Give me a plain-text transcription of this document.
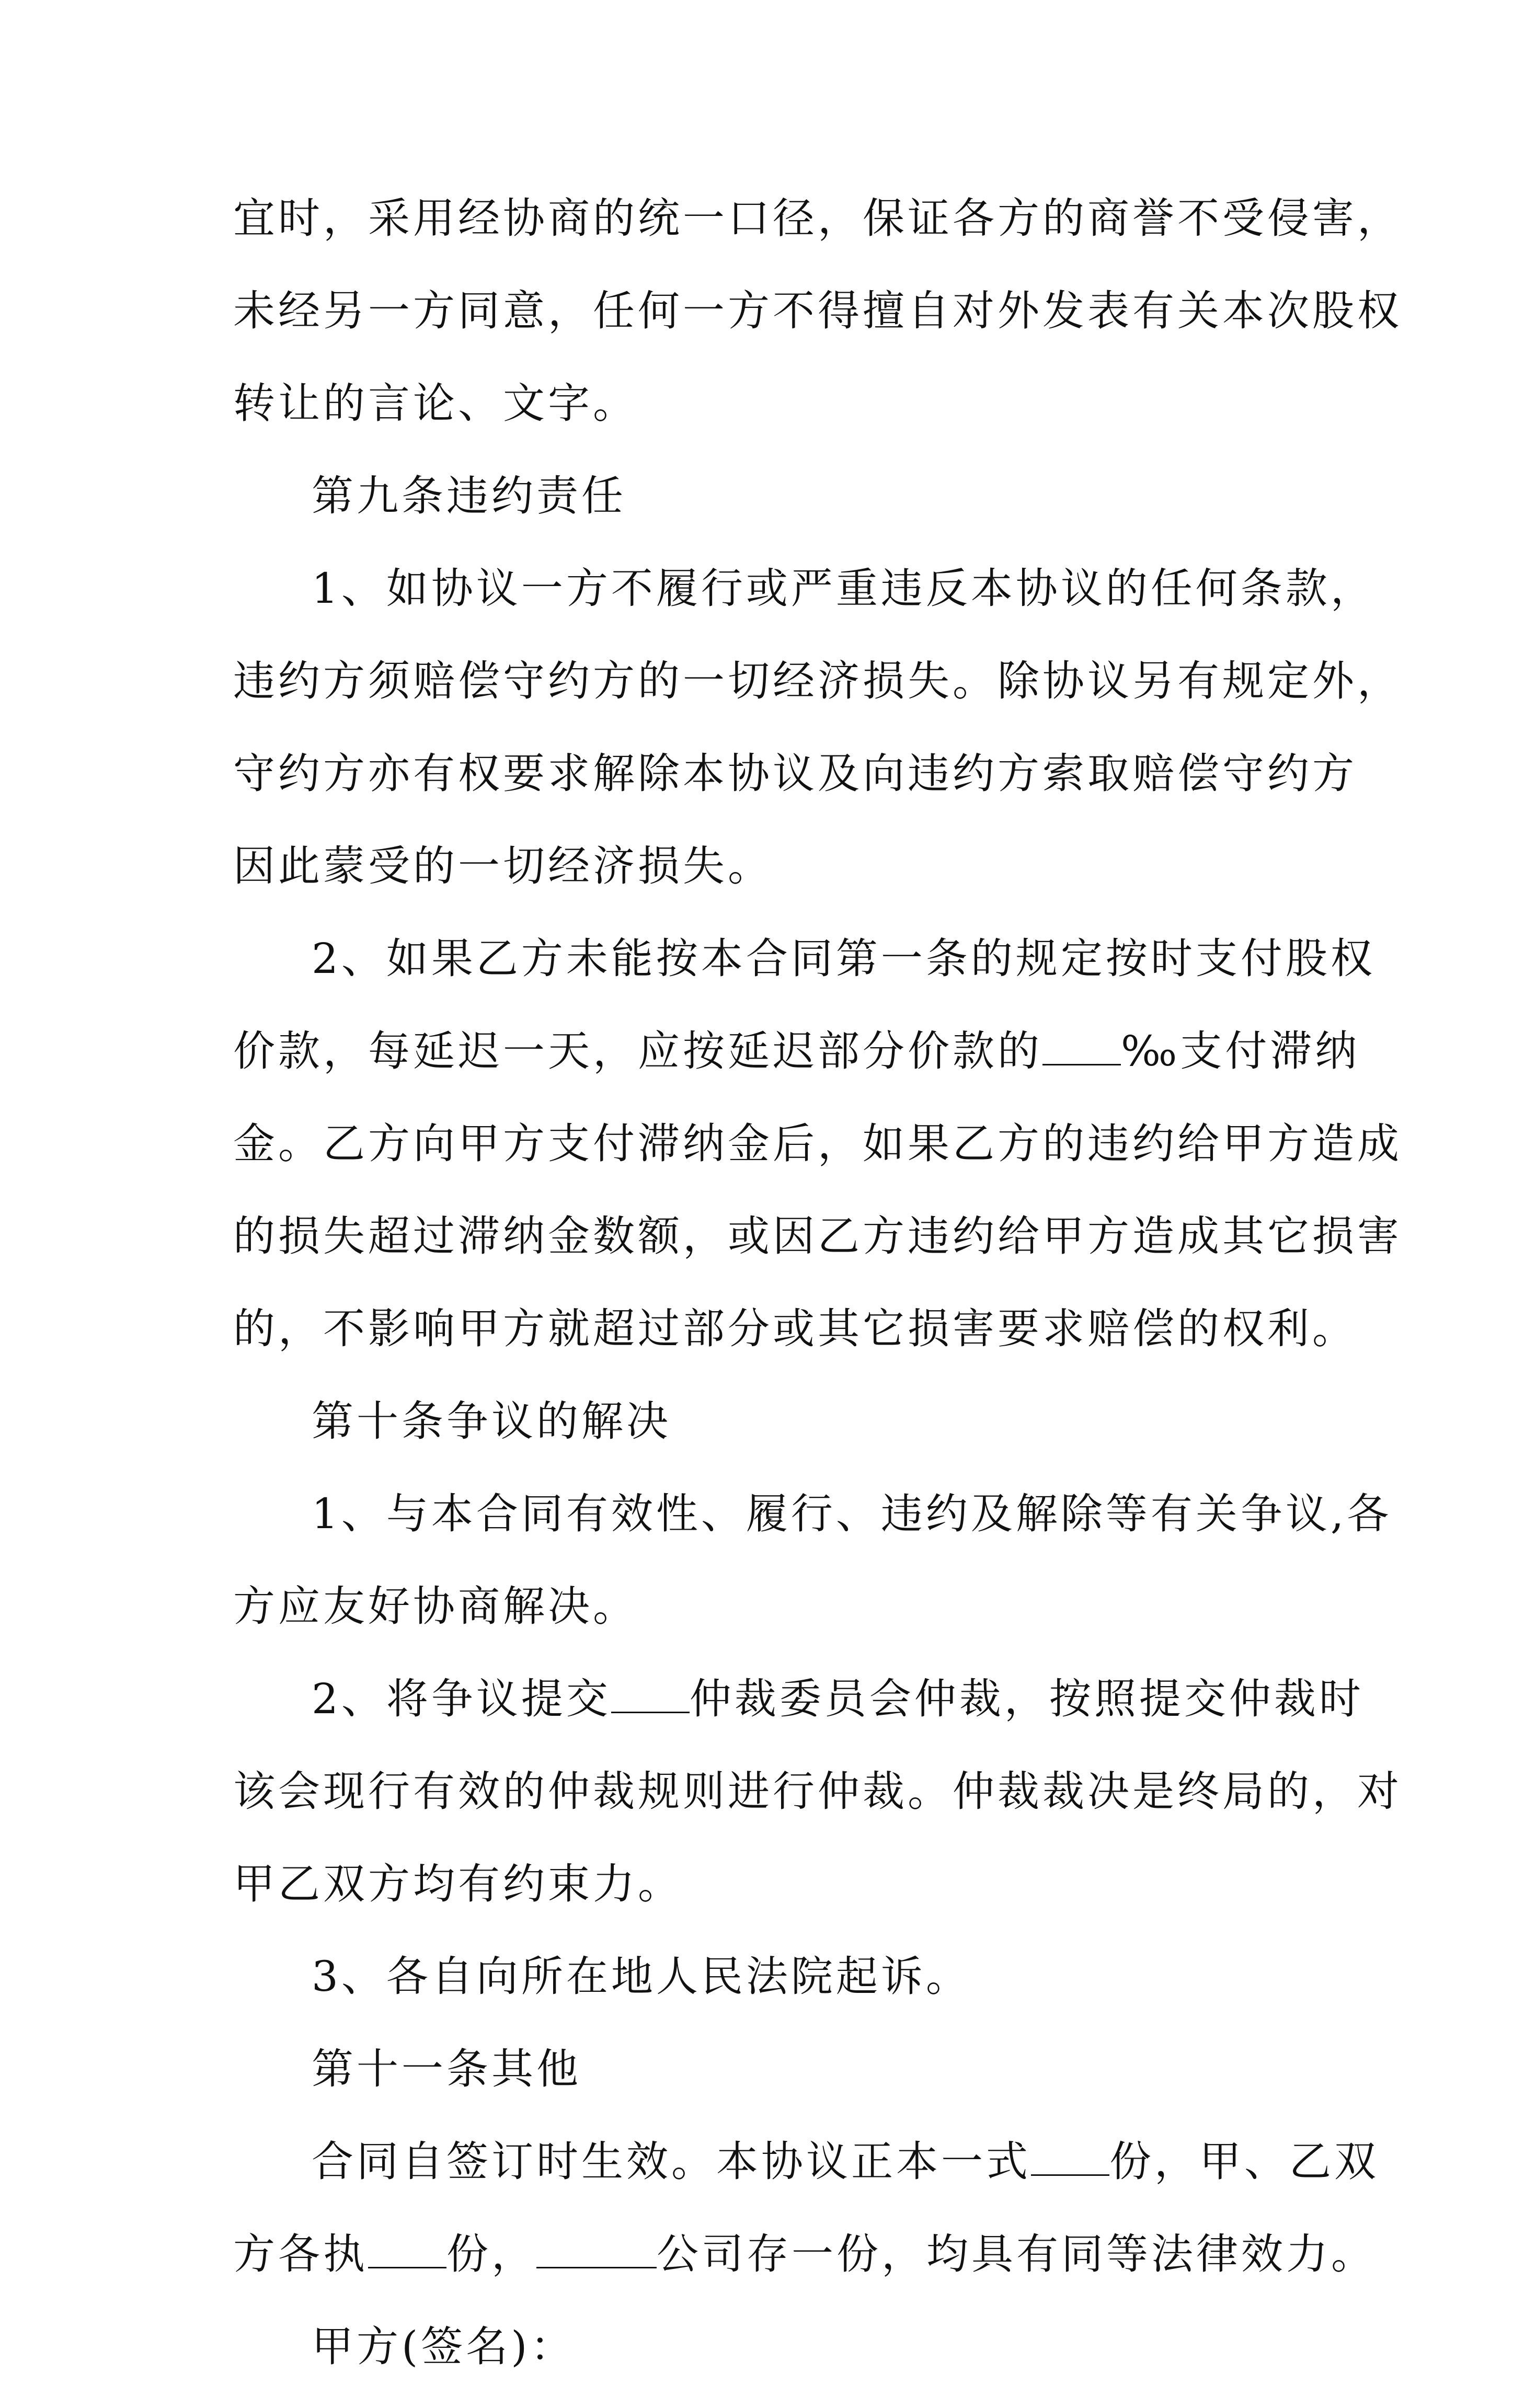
宜时，采用经协商的统一口径，保证各方的商誉不受侵害，
未经另一方同意，任何一方不得擅自对外发表有关本次股权
转让的言论、文字。
第九条违约责任
1、如协议一方不履行或严重违反本协议的任何条款，
违约方须赔偿守约方的一切经济损失。除协议另有规定外，
守约方亦有权要求解除本协议及向违约方索取赔偿守约方
因此蒙受的一切经济损失。
2、如果乙方未能按本合同第一条的规定按时支付股权
价款，每延迟一天，应按延迟部分价款的 ‰支付滞纳
金。乙方向甲方支付滞纳金后，如果乙方的违约给甲方造成
的损失超过滞纳金数额，或因乙方违约给甲方造成其它损害
的，不影响甲方就超过部分或其它损害要求赔偿的权利。
第十条争议的解决
1、与本合同有效性、履行、违约及解除等有关争议,各
方应友好协商解决。
2、将争议提交 仲裁委员会仲裁，按照提交仲裁时
该会现行有效的仲裁规则进行仲裁。仲裁裁决是终局的，对
甲乙双方均有约束力。
3、各自向所在地人民法院起诉。
第十一条其他
合同自签订时生效。本协议正本一式 份，甲、乙双
方各执 份，	公司存一份，均具有同等法律效力。
甲方(签名)：
